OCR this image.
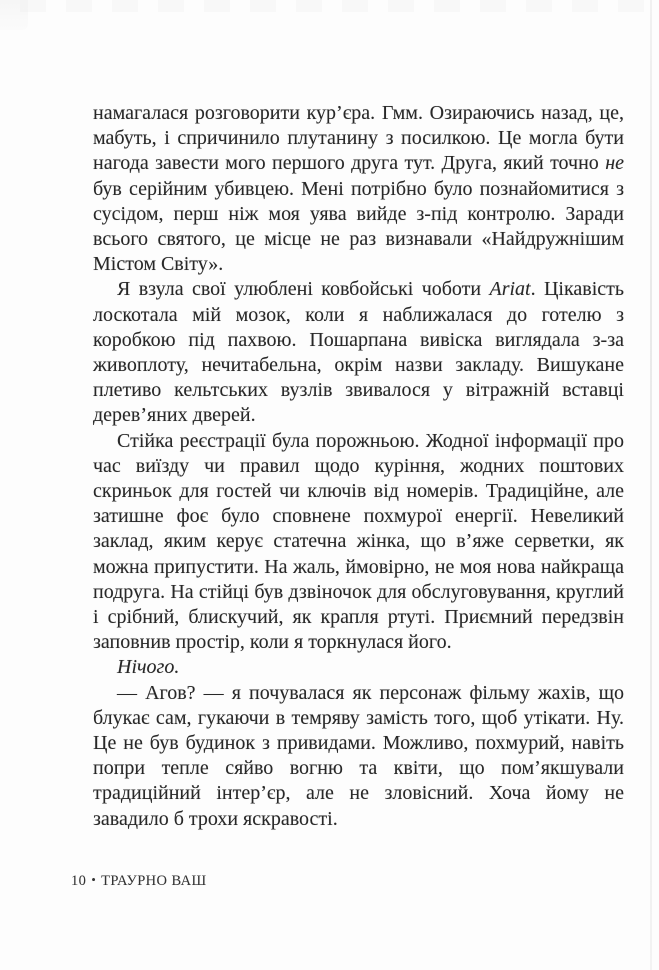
намагалася розговорити кур’єра. Гмм. Озираючись назад, це, мабуть, і спричинило плутанину з посилкою. Це могла бути нагода завести мого першого друга тут. Друга, який точно не був серійним убивцею. Мені потрібно було познайомитися з сусідом, перш ніж моя уява вийде з-під контролю. Заради всього святого, це місце не раз визнавали «Найдружнішим Містом Світу».

Я взула свої улюблені ковбойські чоботи Ariat. Цікавість лоскотала мій мозок, коли я наближалася до готелю з коробкою під пахвою. Пошарпана вивіска виглядала з-за живоплоту, нечитабельна, окрім назви закладу. Вишукане плетиво кельтських вузлів звивалося у вітражній вставці дерев’яних дверей.

Стійка реєстрації була порожньою. Жодної інформації про час виїзду чи правил щодо куріння, жодних поштових скриньок для гостей чи ключів від номерів. Традиційне, але затишне фоє було сповнене похмурої енергії. Невеликий заклад, яким керує статечна жінка, що в’яже серветки, як можна припустити. На жаль, ймовірно, не моя нова найкраща подруга. На стійці був дзвіночок для обслуговування, круглий і срібний, блискучий, як крапля ртуті. Приємний передзвін заповнив простір, коли я торкнулася його.

Нічого.

— Агов? — я почувалася як персонаж фільму жахів, що блукає сам, гукаючи в темряву замість того, щоб утікати. Ну. Це не був будинок з привидами. Можливо, похмурий, навіть попри тепле сяйво вогню та квіти, що пом’якшували традиційний інтер’єр, але не зловісний. Хоча йому не завадило б трохи яскравості.

10 • ТРАУРНО ВАШ
